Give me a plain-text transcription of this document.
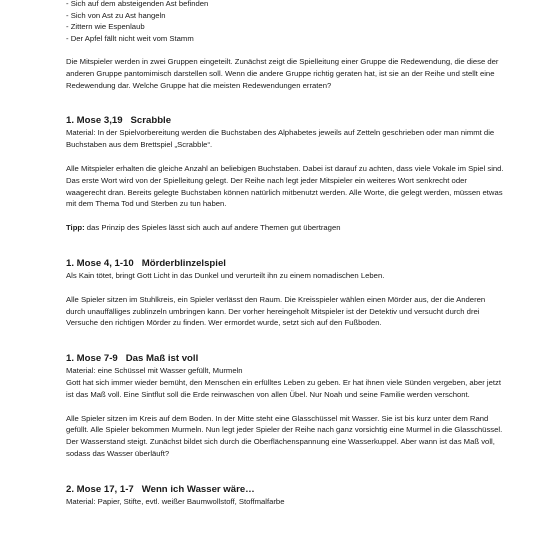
- Sich auf dem absteigenden Ast befinden
- Sich von Ast zu Ast hangeln
- Zittern wie Espenlaub
- Der Apfel fällt nicht weit vom Stamm

Die Mitspieler werden in zwei Gruppen eingeteilt. Zunächst zeigt die Spielleitung einer Gruppe die Redewendung, die diese der anderen Gruppe pantomimisch darstellen soll. Wenn die andere Gruppe richtig geraten hat, ist sie an der Reihe und stellt eine Redewendung dar. Welche Gruppe hat die meisten Redewendungen erraten?

1. Mose 3,19 Scrabble

Material: In der Spielvorbereitung werden die Buchstaben des Alphabetes jeweils auf Zetteln geschrieben oder man nimmt die Buchstaben aus dem Brettspiel „Scrabble“.

Alle Mitspieler erhalten die gleiche Anzahl an beliebigen Buchstaben. Dabei ist darauf zu achten, dass viele Vokale im Spiel sind. Das erste Wort wird von der Spielleitung gelegt. Der Reihe nach legt jeder Mitspieler ein weiteres Wort senkrecht oder waagerecht dran. Bereits gelegte Buchstaben können natürlich mitbenutzt werden. Alle Worte, die gelegt werden, müssen etwas mit dem Thema Tod und Sterben zu tun haben.

Tipp: das Prinzip des Spieles lässt sich auch auf andere Themen gut übertragen

1. Mose 4, 1-10 Mörderblinzelspiel

Als Kain tötet, bringt Gott Licht in das Dunkel und verurteilt ihn zu einem nomadischen Leben.

Alle Spieler sitzen im Stuhlkreis, ein Spieler verlässt den Raum. Die Kreisspieler wählen einen Mörder aus, der die Anderen durch unauffälliges zublinzeln umbringen kann. Der vorher hereingeholt Mitspieler ist der Detektiv und versucht durch drei Versuche den richtigen Mörder zu finden. Wer ermordet wurde, setzt sich auf den Fußboden.

1. Mose 7-9 Das Maß ist voll

Material: eine Schüssel mit Wasser gefüllt, Murmeln

Gott hat sich immer wieder bemüht, den Menschen ein erfülltes Leben zu geben. Er hat ihnen viele Sünden vergeben, aber jetzt ist das Maß voll. Eine Sintflut soll die Erde reinwaschen von allen Übel. Nur Noah und seine Familie werden verschont.

Alle Spieler sitzen im Kreis auf dem Boden. In der Mitte steht eine Glasschüssel mit Wasser. Sie ist bis kurz unter dem Rand gefüllt. Alle Spieler bekommen Murmeln. Nun legt jeder Spieler der Reihe nach ganz vorsichtig eine Murmel in die Glasschüssel. Der Wasserstand steigt. Zunächst bildet sich durch die Oberflächenspannung eine Wasserkuppel. Aber wann ist das Maß voll, sodass das Wasser überläuft?

2. Mose 17, 1-7 Wenn ich Wasser wäre…

Material: Papier, Stifte, evtl. weißer Baumwollstoff, Stoffmalfarbe
